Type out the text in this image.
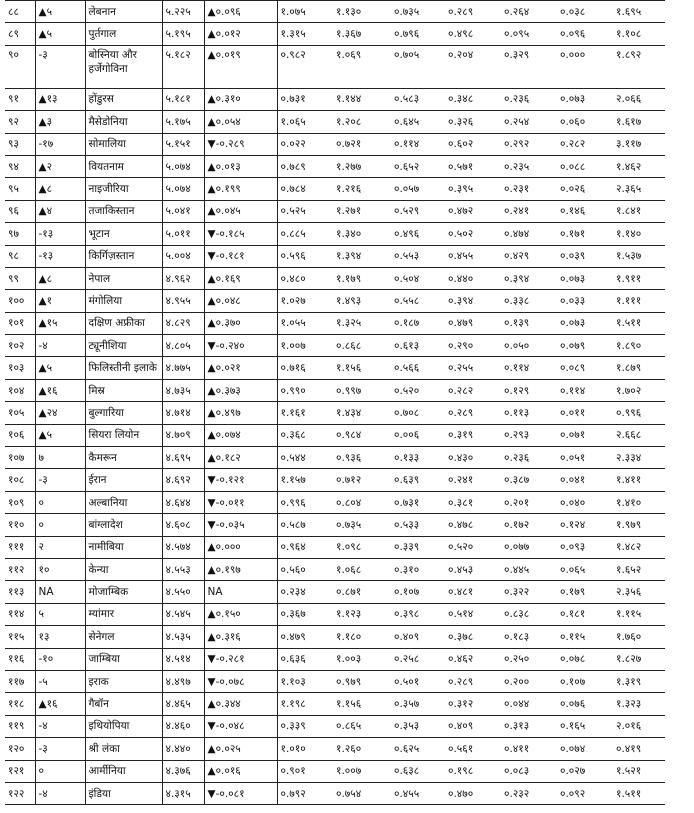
८८	▲५	लेबनान	५.२२५	▲०.०९६	१.०७५	१.१३०	०.७३५	०.२८९	०.२६४	०.०३८	१.६९५
८९	▲५	पुर्तगाल	५.१९५	▲०.०१२	१.३१५	१.३६७	०.७९६	०.४९८	०.०९५	०.०९६	१.१०८
९०	-३	बोस्निया और हर्जेगोविना	५.१८२	▲०.०१९	०.९८२	१.०६९	०.७०५	०.२०४	०.३२९	०.०००	१.८९२
९१	▲१३	होंडुरस	५.१८१	▲०.३१०	०.७३१	१.१४४	०.५८३	०.३४८	०.२३६	०.०७३	२.०६६
९२	▲३	मैसेडोनिया	५.१७५	▲०.०५४	१.०६५	१.२०८	०.६४५	०.३२६	०.२५४	०.०६०	१.६१७
९३	-१७	सोमालिया	५.१५१	▼-०.२८९	०.०२२	०.७२१	०.११४	०.६०२	०.२९२	०.२८२	३.११७
९४	▲२	वियतनाम	५.०७४	▲०.०१३	०.७८९	१.२७७	०.६५२	०.५७१	०.२३५	०.०८८	१.४६२
९५	▲८	नाइजीरिया	५.०७४	▲०.१९९	०.७८४	१.२१६	०.०५७	०.३९५	०.२३१	०.०२६	२.३६५
९६	▲४	तजाकिस्तान	५.०४१	▲०.०४५	०.५२५	१.२७१	०.५२९	०.४७२	०.२४१	०.१४६	१.८४१
९७	-१३	भूटान	५.०११	▼-०.१८५	०.८८५	१.३४०	०.४९६	०.५०२	०.४७४	०.१७१	१.१४०
९८	-१३	किर्गिज़स्तान	५.००४	▼-०.१८१	०.५९६	१.३९४	०.५५३	०.४५५	०.४२९	०.०३९	१.५३७
९९	▲८	नेपाल	४.९६२	▲०.१६९	०.४८०	१.१७९	०.५०४	०.४४०	०.३९४	०.०७३	१.९११
१००	▲१	मंगोलिया	४.९५५	▲०.०४८	१.०२७	१.४९३	०.५५८	०.३९४	०.३३८	०.०३३	१.१११
१०१	▲१५	दक्षिण अफ्रीका	४.८२९	▲०.३७०	१.०५५	१.३२५	०.१८७	०.४७९	०.१३९	०.०७३	१.५११
१०२	-४	ट्यूनीशिया	४.८०५	▼-०.२४०	१.००७	०.८६८	०.६१३	०.२९०	०.०५०	०.०७९	१.८९०
१०३	▲५	फिलिस्तीनी इलाके	४.७७५	▲०.०२१	०.७१६	१.१५६	०.५६६	०.२५५	०.११४	०.०८९	१.८७९
१०४	▲१६	मिस्र	४.७३५	▲०.३७३	०.९९०	०.९९७	०.५२०	०.२८२	०.१२९	०.११४	१.७०२
१०५	▲२४	बुल्गारिया	४.७१४	▲०.४९७	१.१६१	१.४३४	०.७०८	०.२८९	०.११३	०.०११	०.९९६
१०६	▲५	सियरा लियोन	४.७०९	▲०.०७४	०.३६८	०.९८४	०.००६	०.३१९	०.२९३	०.०७१	२.६६८
१०७	७	कैमरून	४.६९५	▲०.१८२	०.५४४	०.९३६	०.१३३	०.४३०	०.२३६	०.०५१	२.३३४
१०८	-३	ईरान	४.६९२	▼-०.१२१	१.१५७	०.७१२	०.६३९	०.२४१	०.३८७	०.०४१	१.४११
१०९	०	अल्बानिया	४.६४४	▼-०.०११	०.९९६	०.८०४	०.७३१	०.३८१	०.२०१	०.०४०	१.४१०
११०	०	बांग्लादेश	४.६०८	▼-०.०३५	०.५८७	०.७३५	०.५३३	०.४७८	०.१७२	०.१२४	१.९७९
१११	२	नामीबिया	४.५७४	▲०.०००	०.९६४	१.०९८	०.३३९	०.५२०	०.०७७	०.०९३	१.४८२
११२	१०	केन्या	४.५५३	▲०.१९७	०.५६०	१.०६८	०.३१०	०.४५३	०.४४५	०.०६५	१.६५२
११३	NA	मोजाम्बिक	४.५५०	NA	०.२३४	०.८७१	०.१०७	०.४८१	०.३२२	०.१७९	२.३५६
११४	५	म्यांमार	४.५४५	▲०.१५०	०.३६७	१.१२३	०.३९८	०.५१४	०.८३८	०.१८१	१.११५
११५	१३	सेनेगल	४.५३५	▲०.३१६	०.४७९	१.१८०	०.४०९	०.३७८	०.१८३	०.११५	१.७६०
११६	-१०	जाम्बिया	४.५१४	▼-०.२८१	०.६३६	१.००३	०.२५८	०.४६२	०.२५०	०.०७८	१.८२७
११७	-५	इराक	४.४९७	▼-०.०७८	१.१०३	०.९७९	०.५०१	०.२८९	०.२००	०.१०७	१.३१९
११८	▲१६	गैबॉन	४.४६५	▲०.३४४	१.१९८	१.१५६	०.३५७	०.३१२	०.०४४	०.०७६	१.३२३
११९	-४	इथियोपिया	४.४६०	▼-०.०४८	०.३३९	०.८६५	०.३५३	०.४०९	०.३१३	०.१६५	२.०१६
१२०	-३	श्री लंका	४.४४०	▲०.०२५	१.०१०	१.२६०	०.६२५	०.५६१	०.४११	०.०७४	०.४१९
१२१	०	आर्मीनिया	४.३७६	▲०.०१६	०.९०१	१.००७	०.६३८	०.१९८	०.०८३	०.०२७	१.५२१
१२२	-४	इंडिया	४.३१५	▼-०.०८१	०.७९२	०.७५४	०.४५५	०.४७०	०.२३२	०.०९२	१.५११
